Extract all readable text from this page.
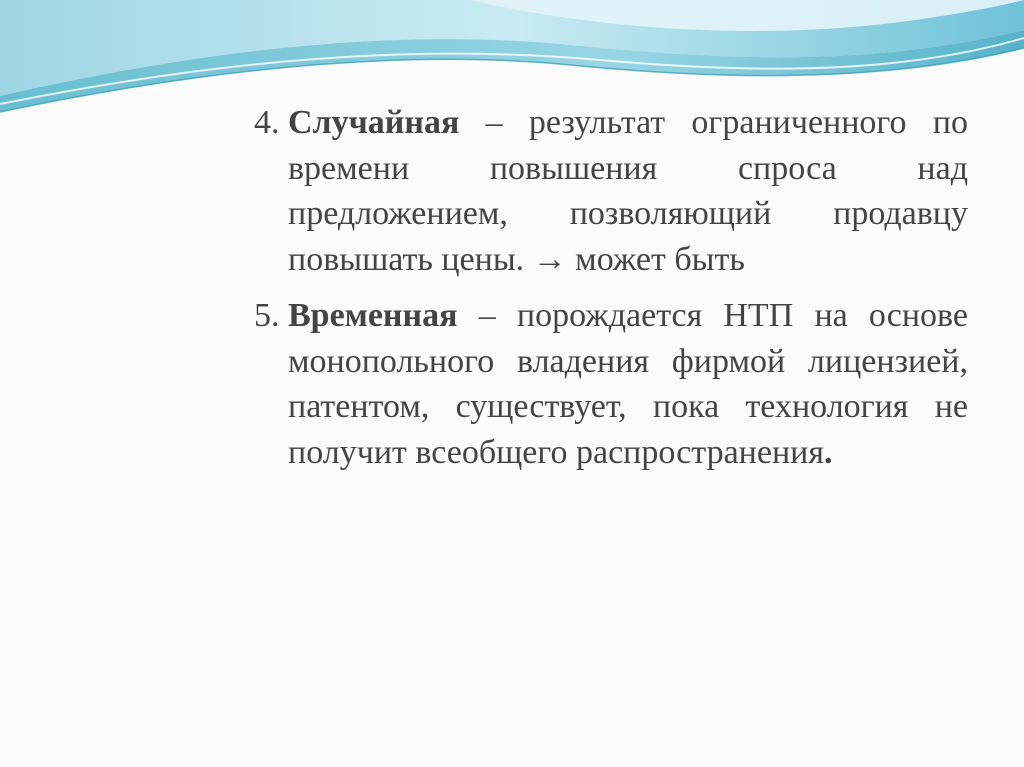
4. Случайная – результат ограниченного по времени повышения спроса над предложением, позволяющий продавцу повышать цены. → может быть

5. Временная – порождается НТП на основе монопольного владения фирмой лицензией, патентом, существует, пока технология не получит всеобщего распространения.
